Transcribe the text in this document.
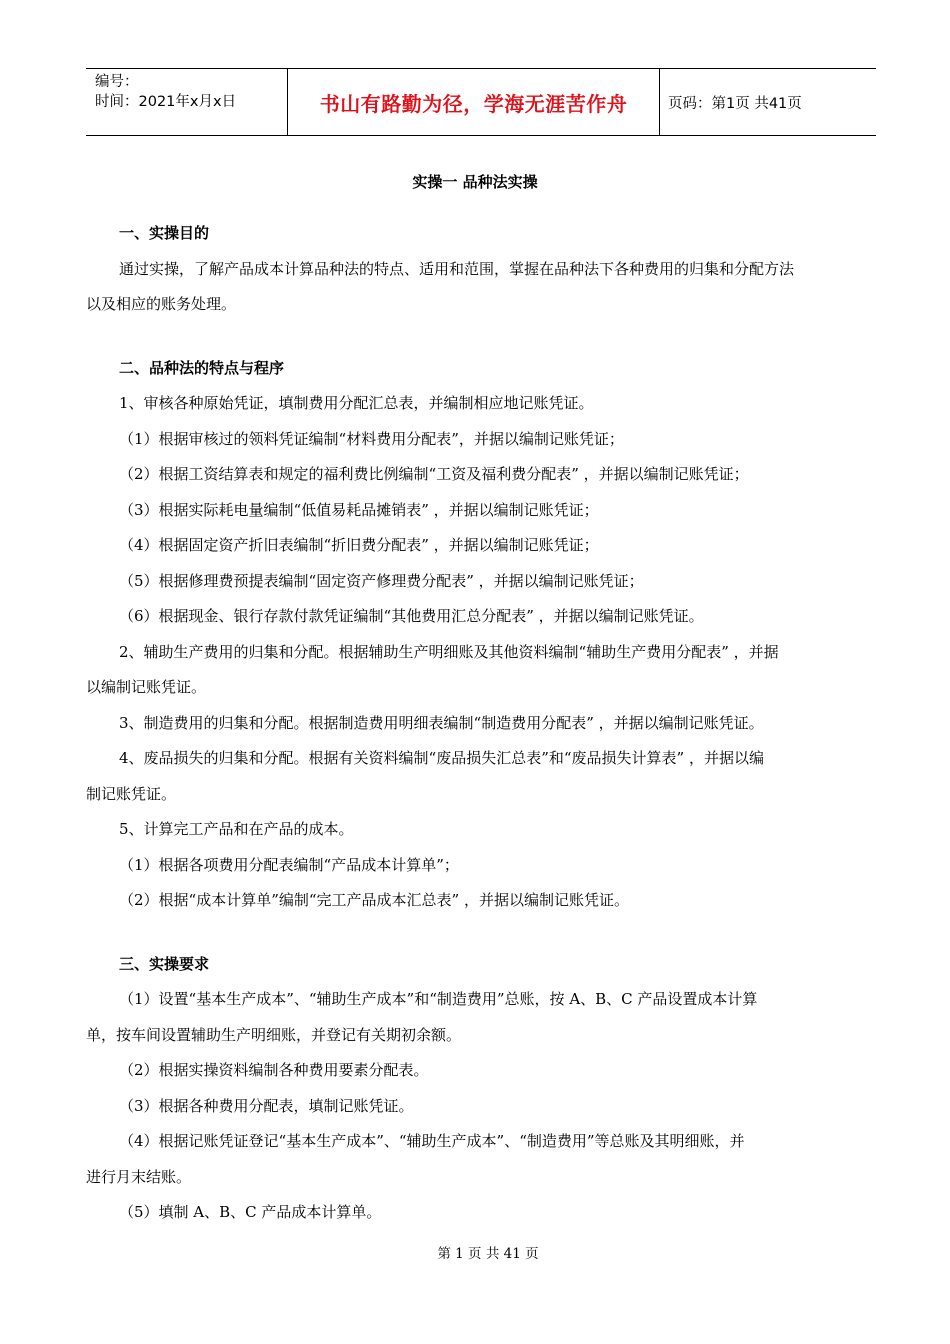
编号：
时间：2021年x月x日	书山有路勤为径，学海无涯苦作舟	页码：第1页 共41页
实操一 品种法实操
一、实操目的
通过实操，了解产品成本计算品种法的特点、适用和范围，掌握在品种法下各种费用的归集和分配方法
以及相应的账务处理。
二、品种法的特点与程序
1、审核各种原始凭证，填制费用分配汇总表，并编制相应地记账凭证。
（1）根据审核过的领料凭证编制“材料费用分配表”，并据以编制记账凭证；
（2）根据工资结算表和规定的福利费比例编制“工资及福利费分配表” ，并据以编制记账凭证；
（3）根据实际耗电量编制“低值易耗品摊销表” ，并据以编制记账凭证；
（4）根据固定资产折旧表编制“折旧费分配表” ，并据以编制记账凭证；
（5）根据修理费预提表编制“固定资产修理费分配表” ，并据以编制记账凭证；
（6）根据现金、银行存款付款凭证编制“其他费用汇总分配表” ，并据以编制记账凭证。
2、辅助生产费用的归集和分配。根据辅助生产明细账及其他资料编制“辅助生产费用分配表” ，并据
以编制记账凭证。
3、制造费用的归集和分配。根据制造费用明细表编制“制造费用分配表” ，并据以编制记账凭证。
4、废品损失的归集和分配。根据有关资料编制“废品损失汇总表”和“废品损失计算表” ，并据以编
制记账凭证。
5、计算完工产品和在产品的成本。
（1）根据各项费用分配表编制“产品成本计算单”；
（2）根据“成本计算单”编制“完工产品成本汇总表” ，并据以编制记账凭证。
三、实操要求
（1）设置“基本生产成本”、“辅助生产成本”和“制造费用”总账，按 A、B、C 产品设置成本计算
单，按车间设置辅助生产明细账，并登记有关期初余额。
（2）根据实操资料编制各种费用要素分配表。
（3）根据各种费用分配表，填制记账凭证。
（4）根据记账凭证登记“基本生产成本”、“辅助生产成本”、“制造费用”等总账及其明细账，并
进行月末结账。
（5）填制 A、B、C 产品成本计算单。
第 1 页 共 41 页
